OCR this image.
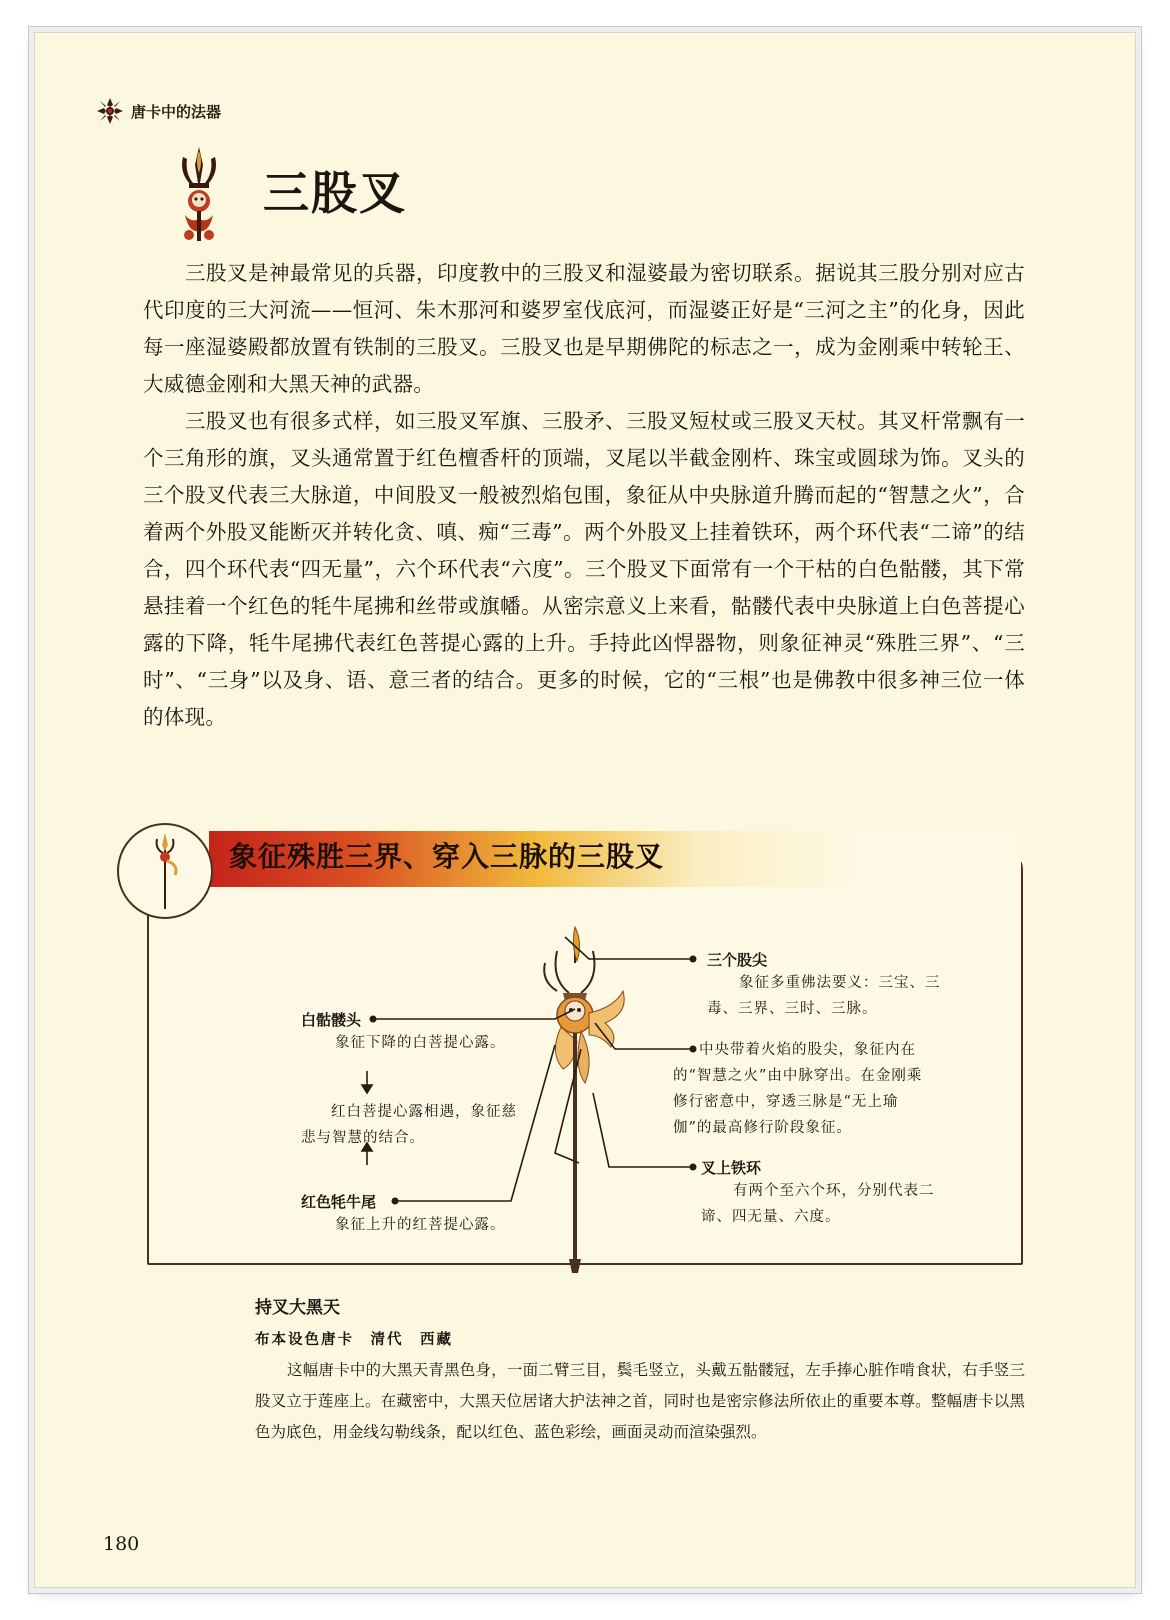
唐卡中的法器
三股叉

三股叉是神最常见的兵器，印度教中的三股叉和湿婆最为密切联系。据说其三股分别对应古代印度的三大河流——恒河、朱木那河和婆罗室伐底河，而湿婆正好是“三河之主”的化身，因此每一座湿婆殿都放置有铁制的三股叉。三股叉也是早期佛陀的标志之一，成为金刚乘中转轮王、大威德金刚和大黑天神的武器。

三股叉也有很多式样，如三股叉军旗、三股矛、三股叉短杖或三股叉天杖。其叉杆常飘有一个三角形的旗，叉头通常置于红色檀香杆的顶端，叉尾以半截金刚杵、珠宝或圆球为饰。叉头的三个股叉代表三大脉道，中间股叉一般被烈焰包围，象征从中央脉道升腾而起的“智慧之火”，合着两个外股叉能断灭并转化贪、嗔、痴“三毒”。两个外股叉上挂着铁环，两个环代表“二谛”的结合，四个环代表“四无量”，六个环代表“六度”。三个股叉下面常有一个干枯的白色骷髅，其下常悬挂着一个红色的牦牛尾拂和丝带或旗幡。从密宗意义上来看，骷髅代表中央脉道上白色菩提心露的下降，牦牛尾拂代表红色菩提心露的上升。手持此凶悍器物，则象征神灵“殊胜三界”、“三时”、“三身”以及身、语、意三者的结合。更多的时候，它的“三根”也是佛教中很多神三位一体的体现。

象征殊胜三界、穿入三脉的三股叉
三个股尖
象征多重佛法要义：三宝、三毒、三界、三时、三脉。
白骷髅头
象征下降的白菩提心露。	中央带着火焰的股尖，象征内在的“智慧之火”由中脉穿出。在金刚乘修行密意中，穿透三脉是“无上瑜伽”的最高修行阶段象征。
红白菩提心露相遇，象征慈悲与智慧的结合。
叉上铁环
有两个至六个环，分别代表二谛、四无量、六度。
红色牦牛尾
象征上升的红菩提心露。
持叉大黑天
布本设色唐卡　清代　西藏
这幅唐卡中的大黑天青黑色身，一面二臂三目，鬓毛竖立，头戴五骷髅冠，左手捧心脏作啃食状，右手竖三股叉立于莲座上。在藏密中，大黑天位居诸大护法神之首，同时也是密宗修法所依止的重要本尊。整幅唐卡以黑色为底色，用金线勾勒线条，配以红色、蓝色彩绘，画面灵动而渲染强烈。
180
